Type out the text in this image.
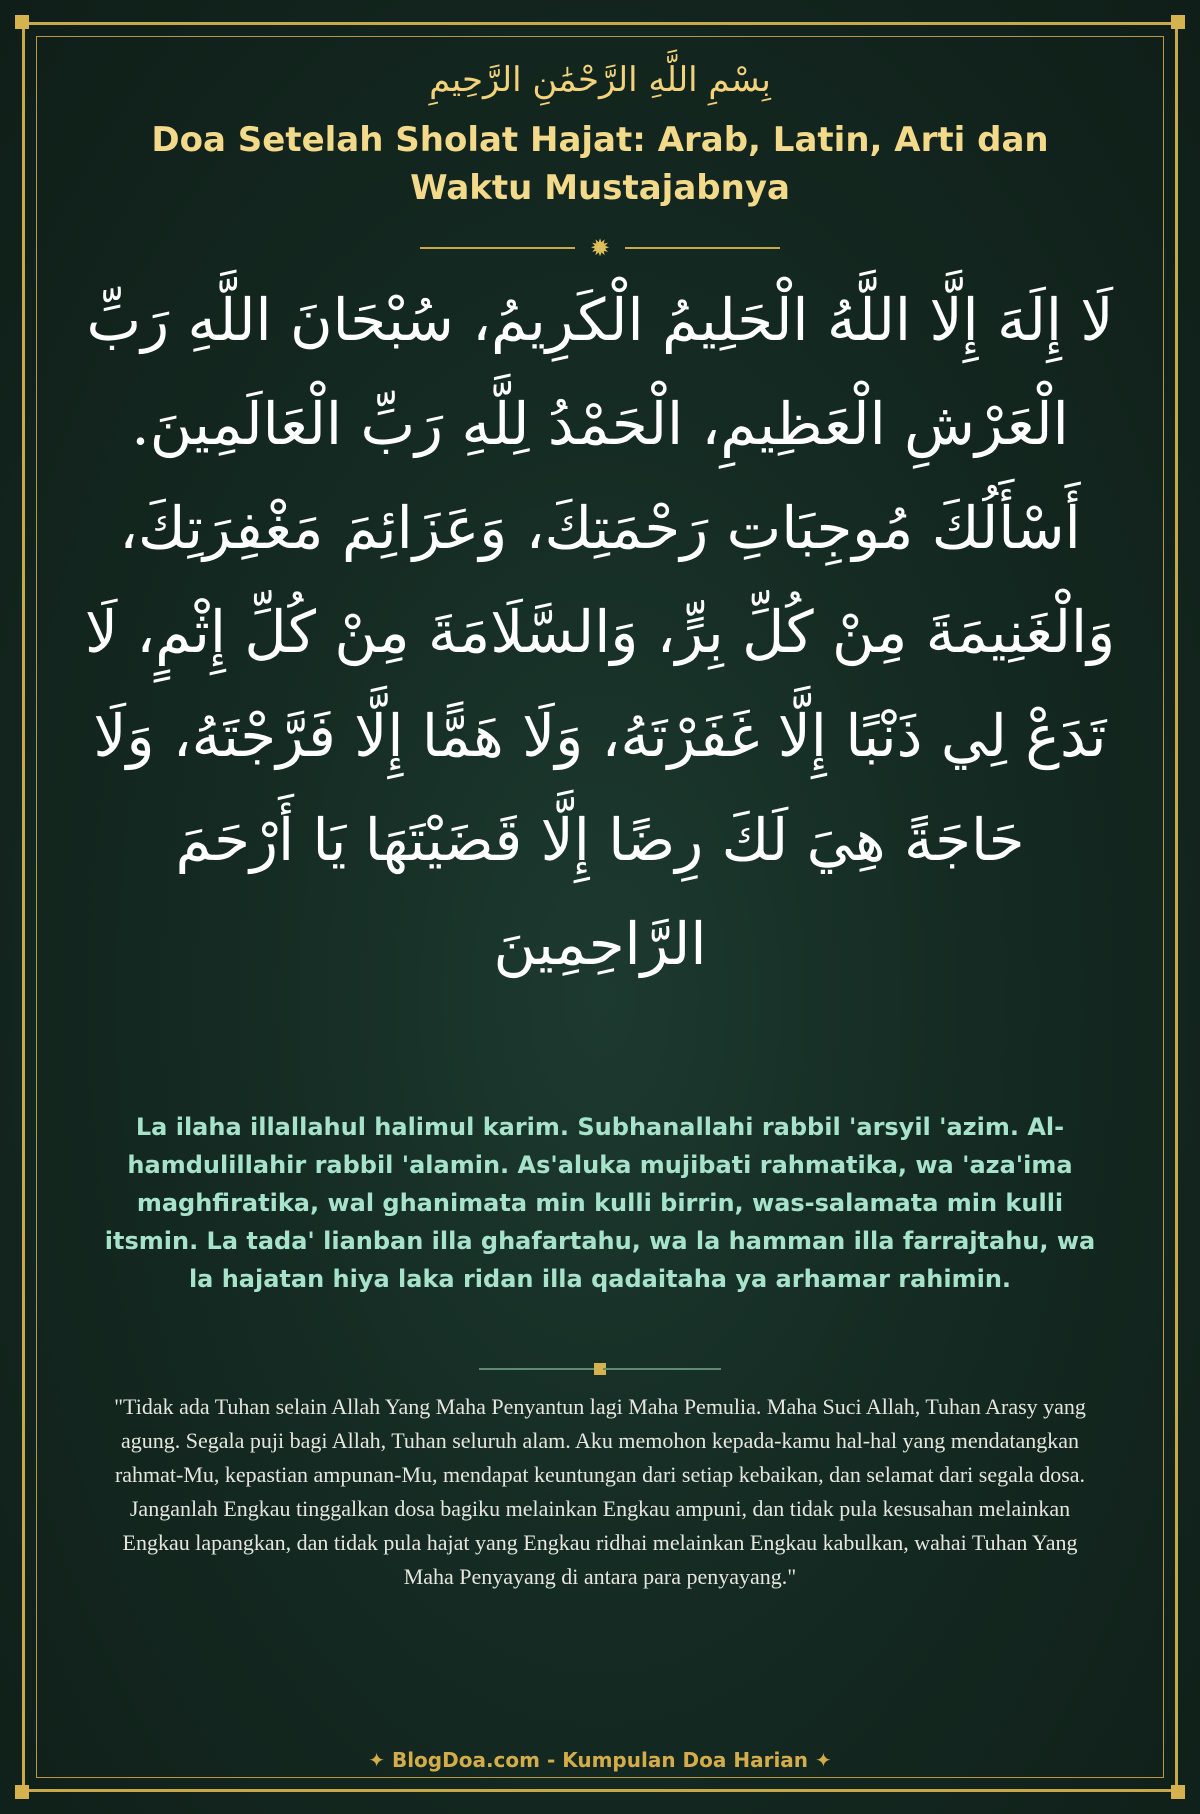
بِسْمِ اللَّهِ الرَّحْمَٰنِ الرَّحِيمِ
Doa Setelah Sholat Hajat: Arab, Latin, Arti dan Waktu Mustajabnya
✹
لَا إِلَهَ إِلَّا اللَّهُ الْحَلِيمُ الْكَرِيمُ، سُبْحَانَ اللَّهِ رَبِّ الْعَرْشِ الْعَظِيمِ، الْحَمْدُ لِلَّهِ رَبِّ الْعَالَمِينَ. أَسْأَلُكَ مُوجِبَاتِ رَحْمَتِكَ، وَعَزَائِمَ مَغْفِرَتِكَ، وَالْغَنِيمَةَ مِنْ كُلِّ بِرٍّ، وَالسَّلَامَةَ مِنْ كُلِّ إِثْمٍ، لَا تَدَعْ لِي ذَنْبًا إِلَّا غَفَرْتَهُ، وَلَا هَمًّا إِلَّا فَرَّجْتَهُ، وَلَا حَاجَةً هِيَ لَكَ رِضًا إِلَّا قَضَيْتَهَا يَا أَرْحَمَ الرَّاحِمِينَ
La ilaha illallahul halimul karim. Subhanallahi rabbil 'arsyil 'azim. Al-hamdulillahir rabbil 'alamin. As'aluka mujibati rahmatika, wa 'aza'ima maghfiratika, wal ghanimata min kulli birrin, was-salamata min kulli itsmin. La tada' lianban illa ghafartahu, wa la hamman illa farrajtahu, wa la hajatan hiya laka ridan illa qadaitaha ya arhamar rahimin.
"Tidak ada Tuhan selain Allah Yang Maha Penyantun lagi Maha Pemulia. Maha Suci Allah, Tuhan Arasy yang agung. Segala puji bagi Allah, Tuhan seluruh alam. Aku memohon kepada-kamu hal-hal yang mendatangkan rahmat-Mu, kepastian ampunan-Mu, mendapat keuntungan dari setiap kebaikan, dan selamat dari segala dosa. Janganlah Engkau tinggalkan dosa bagiku melainkan Engkau ampuni, dan tidak pula kesusahan melainkan Engkau lapangkan, dan tidak pula hajat yang Engkau ridhai melainkan Engkau kabulkan, wahai Tuhan Yang Maha Penyayang di antara para penyayang."
✦ BlogDoa.com - Kumpulan Doa Harian ✦
